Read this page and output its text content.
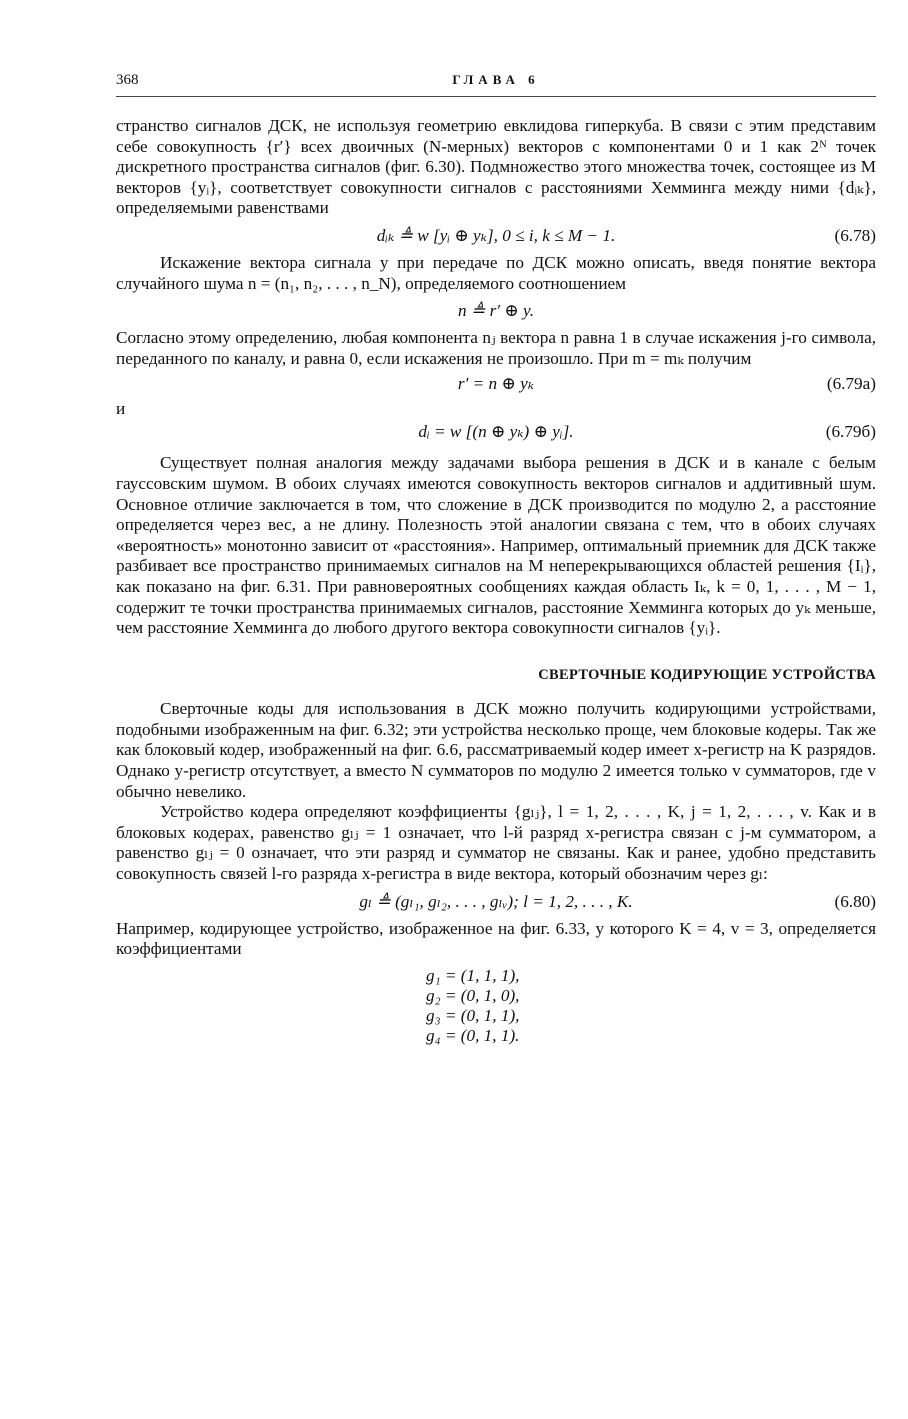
368	ГЛАВА 6

странство сигналов ДСК, не используя геометрию евклидова гиперкуба. В связи с этим представим себе совокупность {r′} всех двоичных (N-мерных) векторов с компонентами 0 и 1 как 2ᴺ точек дискретного пространства сигналов (фиг. 6.30). Подмножество этого множества точек, состоящее из M векторов {yᵢ}, соответствует совокупности сигналов с расстояниями Хемминга между ними {dᵢₖ}, определяемыми равенствами

dᵢₖ ≜ w [yᵢ ⊕ yₖ], 0 ≤ i, k ≤ M − 1.	(6.78)

Искажение вектора сигнала y при передаче по ДСК можно описать, введя понятие вектора случайного шума n = (n₁, n₂, . . . , n_N), определяемого соотношением

n ≜ r′ ⊕ y.

Согласно этому определению, любая компонента nⱼ вектора n равна 1 в случае искажения j-го символа, переданного по каналу, и равна 0, если искажения не произошло. При m = mₖ получим

r′ = n ⊕ yₖ	(6.79а)

и

dᵢ = w [(n ⊕ yₖ) ⊕ yᵢ].	(6.79б)

Существует полная аналогия между задачами выбора решения в ДСК и в канале с белым гауссовским шумом. В обоих случаях имеются совокупность векторов сигналов и аддитивный шум. Основное отличие заключается в том, что сложение в ДСК производится по модулю 2, а расстояние определяется через вес, а не длину. Полезность этой аналогии связана с тем, что в обоих случаях «вероятность» монотонно зависит от «расстояния». Например, оптимальный приемник для ДСК также разбивает все пространство принимаемых сигналов на M неперекрывающихся областей решения {Iᵢ}, как показано на фиг. 6.31. При равновероятных сообщениях каждая область Iₖ, k = 0, 1, . . . , M − 1, содержит те точки пространства принимаемых сигналов, расстояние Хемминга которых до yₖ меньше, чем расстояние Хемминга до любого другого вектора совокупности сигналов {yᵢ}.

СВЕРТОЧНЫЕ КОДИРУЮЩИЕ УСТРОЙСТВА

Сверточные коды для использования в ДСК можно получить кодирующими устройствами, подобными изображенным на фиг. 6.32; эти устройства несколько проще, чем блоковые кодеры. Так же как блоковый кодер, изображенный на фиг. 6.6, рассматриваемый кодер имеет x-регистр на K разрядов. Однако y-регистр отсутствует, а вместо N сумматоров по модулю 2 имеется только v сумматоров, где v обычно невелико.

Устройство кодера определяют коэффициенты {gₗⱼ}, l = 1, 2, . . . , K, j = 1, 2, . . . , v. Как и в блоковых кодерах, равенство gₗⱼ = 1 означает, что l-й разряд x-регистра связан с j-м сумматором, а равенство gₗⱼ = 0 означает, что эти разряд и сумматор не связаны. Как и ранее, удобно представить совокупность связей l-го разряда x-регистра в виде вектора, который обозначим через gₗ:

gₗ ≜ (gₗ₁, gₗ₂, . . . , gₗᵥ); l = 1, 2, . . . , K.	(6.80)

Например, кодирующее устройство, изображенное на фиг. 6.33, у которого K = 4, v = 3, определяется коэффициентами

g₁ = (1, 1, 1),
g₂ = (0, 1, 0),
g₃ = (0, 1, 1),
g₄ = (0, 1, 1).
